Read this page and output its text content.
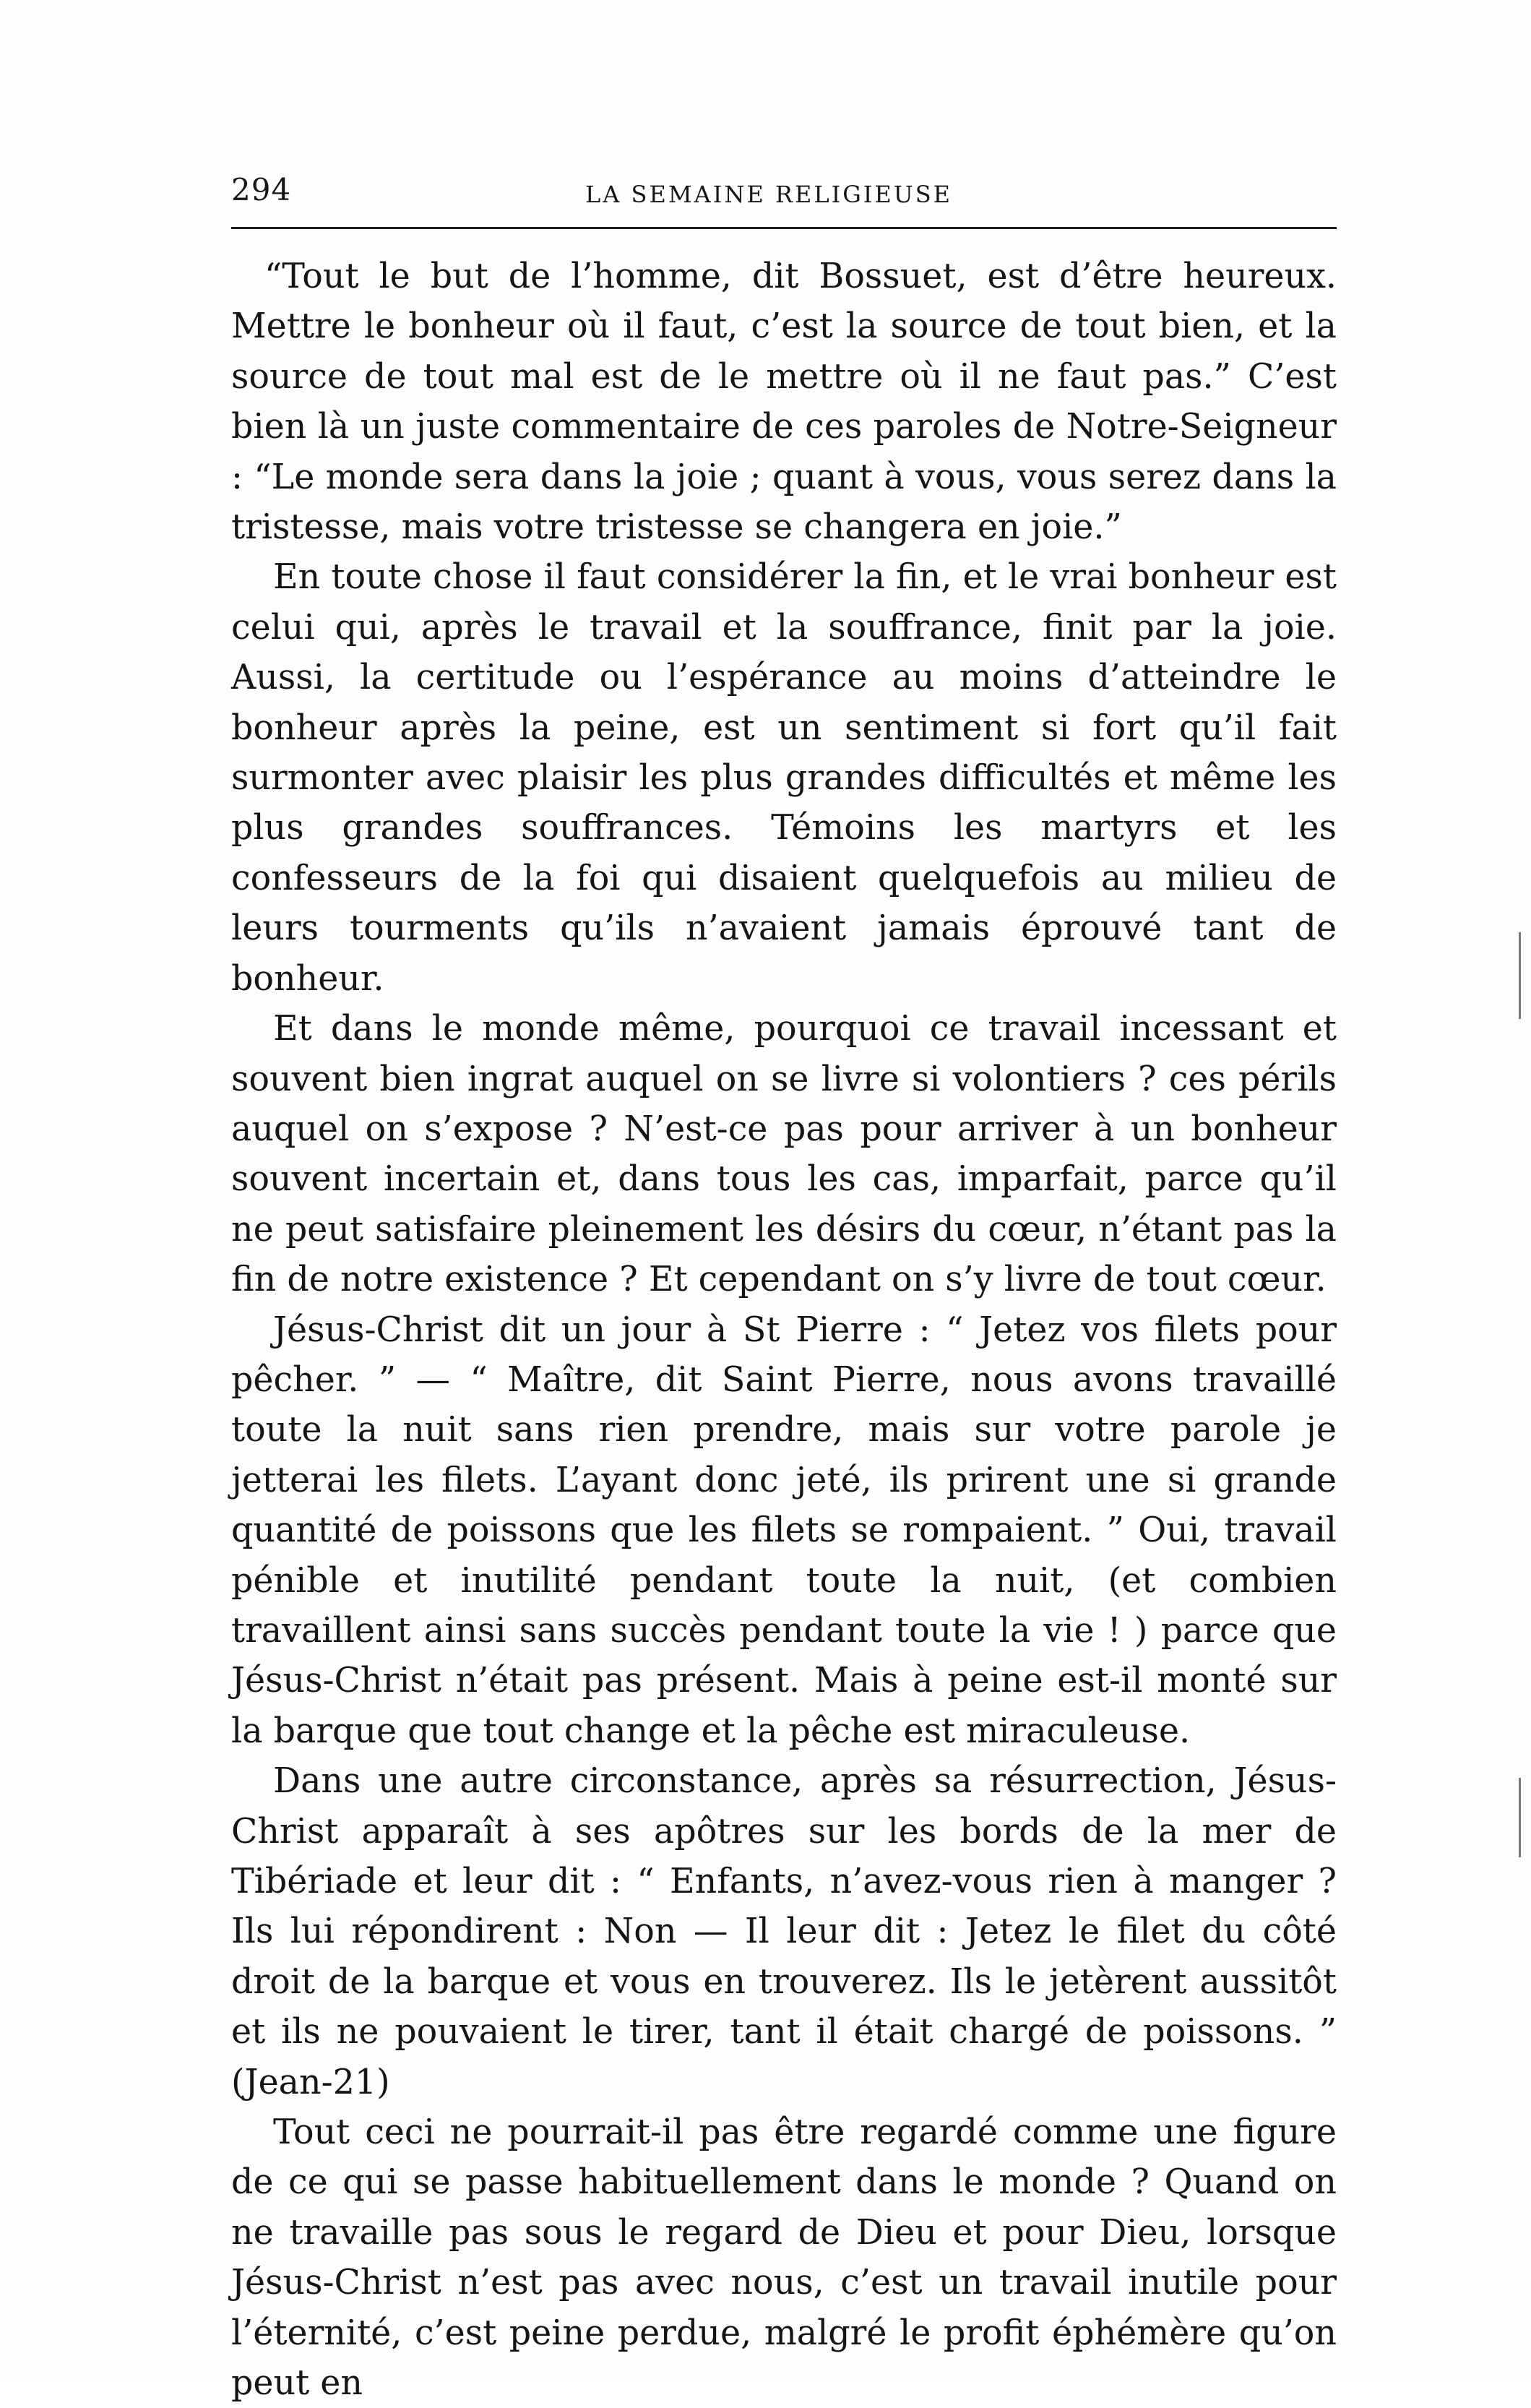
294	LA SEMAINE RELIGIEUSE

“Tout le but de l’homme, dit Bossuet, est d’être heureux. Mettre le bonheur où il faut, c’est la source de tout bien, et la source de tout mal est de le mettre où il ne faut pas.” C’est bien là un juste commentaire de ces paroles de Notre-Seigneur : “Le monde sera dans la joie ; quant à vous, vous serez dans la tristesse, mais votre tristesse se changera en joie.”

En toute chose il faut considérer la fin, et le vrai bonheur est celui qui, après le travail et la souffrance, finit par la joie. Aussi, la certitude ou l’espérance au moins d’atteindre le bonheur après la peine, est un sentiment si fort qu’il fait surmonter avec plaisir les plus grandes difficultés et même les plus grandes souffrances. Témoins les martyrs et les confesseurs de la foi qui disaient quelquefois au milieu de leurs tourments qu’ils n’avaient jamais éprouvé tant de bonheur.

Et dans le monde même, pourquoi ce travail incessant et souvent bien ingrat auquel on se livre si volontiers ? ces périls auquel on s’expose ? N’est-ce pas pour arriver à un bonheur souvent incertain et, dans tous les cas, imparfait, parce qu’il ne peut satisfaire pleinement les désirs du cœur, n’étant pas la fin de notre existence ? Et cependant on s’y livre de tout cœur.

Jésus-Christ dit un jour à St Pierre : “ Jetez vos filets pour pêcher. ” — “ Maître, dit Saint Pierre, nous avons travaillé toute la nuit sans rien prendre, mais sur votre parole je jetterai les filets. L’ayant donc jeté, ils prirent une si grande quantité de poissons que les filets se rompaient. ” Oui, travail pénible et inutilité pendant toute la nuit, (et combien travaillent ainsi sans succès pendant toute la vie ! ) parce que Jésus-Christ n’était pas présent. Mais à peine est-il monté sur la barque que tout change et la pêche est miraculeuse.

Dans une autre circonstance, après sa résurrection, Jésus-Christ apparaît à ses apôtres sur les bords de la mer de Tibériade et leur dit : “ Enfants, n’avez-vous rien à manger ? Ils lui répondirent : Non — Il leur dit : Jetez le filet du côté droit de la barque et vous en trouverez. Ils le jetèrent aussitôt et ils ne pouvaient le tirer, tant il était chargé de poissons. ” (Jean-21)

Tout ceci ne pourrait-il pas être regardé comme une figure de ce qui se passe habituellement dans le monde ? Quand on ne travaille pas sous le regard de Dieu et pour Dieu, lorsque Jésus-Christ n’est pas avec nous, c’est un travail inutile pour l’éternité, c’est peine perdue, malgré le profit éphémère qu’on peut en
